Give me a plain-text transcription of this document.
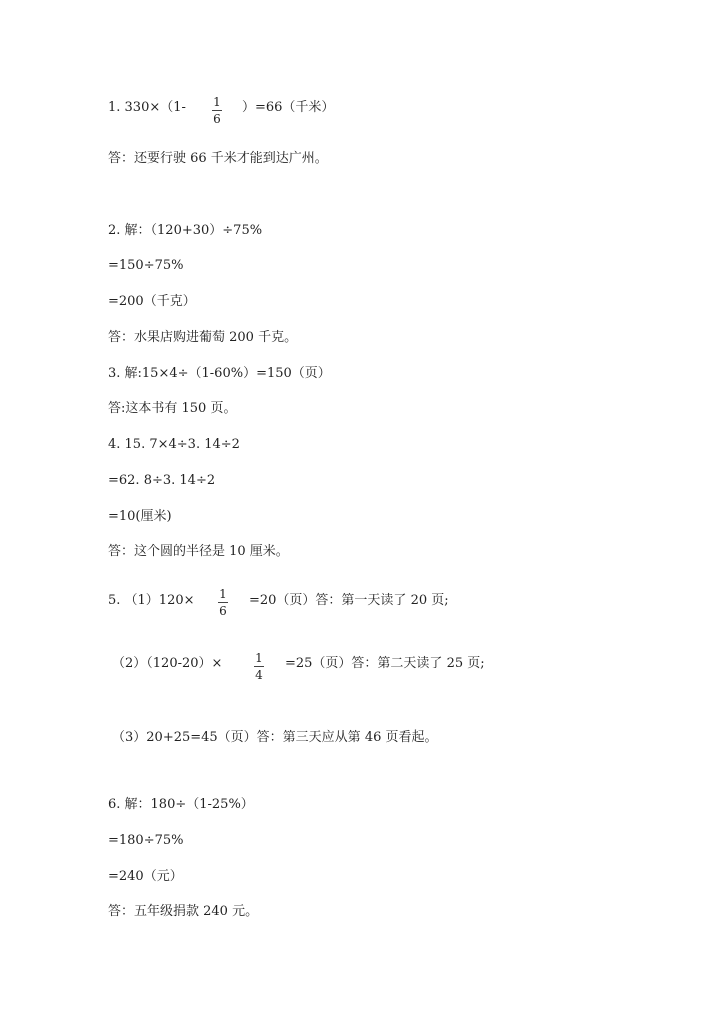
1. 330×（1- 1
6
）=66（千米）
答：还要行驶 66 千米才能到达广州。
2. 解：（120+30）÷75%
=150÷75%
=200（千克）
答：水果店购进葡萄 200 千克。
3. 解:15×4÷（1-60%）=150（页）
答:这本书有 150 页。
4. 15. 7×4÷3. 14÷2
=62. 8÷3. 14÷2
=10(厘米)
答：这个圆的半径是 10 厘米。
5. （1）120× 1
6
=20（页）答：第一天读了 20 页;
（2）（120-20）×	1
4
=25（页）答：第二天读了 25 页;
（3）20+25=45（页）答：第三天应从第 46 页看起。
6. 解：180÷（1-25%）
=180÷75%
=240（元）
答：五年级捐款 240 元。
